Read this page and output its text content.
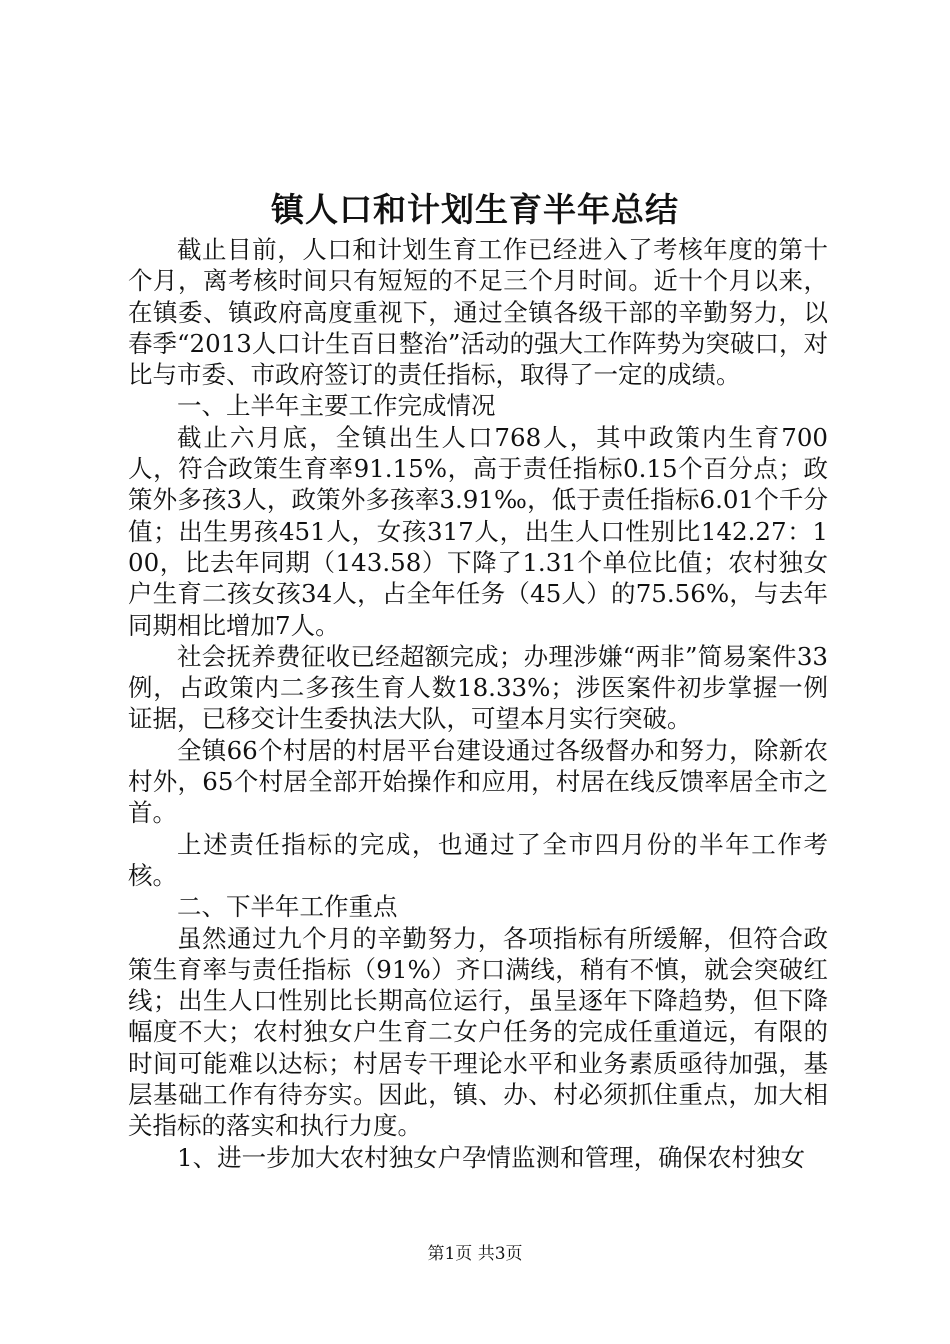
镇人口和计划生育半年总结

截止目前，人口和计划生育工作已经进入了考核年度的第十个月，离考核时间只有短短的不足三个月时间。近十个月以来，在镇委、镇政府高度重视下，通过全镇各级干部的辛勤努力，以春季“2013人口计生百日整治”活动的强大工作阵势为突破口，对比与市委、市政府签订的责任指标，取得了一定的成绩。

一、上半年主要工作完成情况

截止六月底，全镇出生人口768人，其中政策内生育700人，符合政策生育率91.15%，高于责任指标0.15个百分点；政策外多孩3人，政策外多孩率3.91‰，低于责任指标6.01个千分值；出生男孩451人，女孩317人，出生人口性别比142.27：100，比去年同期（143.58）下降了1.31个单位比值；农村独女户生育二孩女孩34人，占全年任务（45人）的75.56%，与去年同期相比增加7人。

社会抚养费征收已经超额完成；办理涉嫌“两非”简易案件33例，占政策内二多孩生育人数18.33%；涉医案件初步掌握一例证据，已移交计生委执法大队，可望本月实行突破。

全镇66个村居的村居平台建设通过各级督办和努力，除新农村外，65个村居全部开始操作和应用，村居在线反馈率居全市之首。

上述责任指标的完成，也通过了全市四月份的半年工作考核。

二、下半年工作重点

虽然通过九个月的辛勤努力，各项指标有所缓解，但符合政策生育率与责任指标（91%）齐口满线，稍有不慎，就会突破红线；出生人口性别比长期高位运行，虽呈逐年下降趋势，但下降幅度不大；农村独女户生育二女户任务的完成任重道远，有限的时间可能难以达标；村居专干理论水平和业务素质亟待加强，基层基础工作有待夯实。因此，镇、办、村必须抓住重点，加大相关指标的落实和执行力度。

1、进一步加大农村独女户孕情监测和管理，确保农村独女

第1页 共3页
